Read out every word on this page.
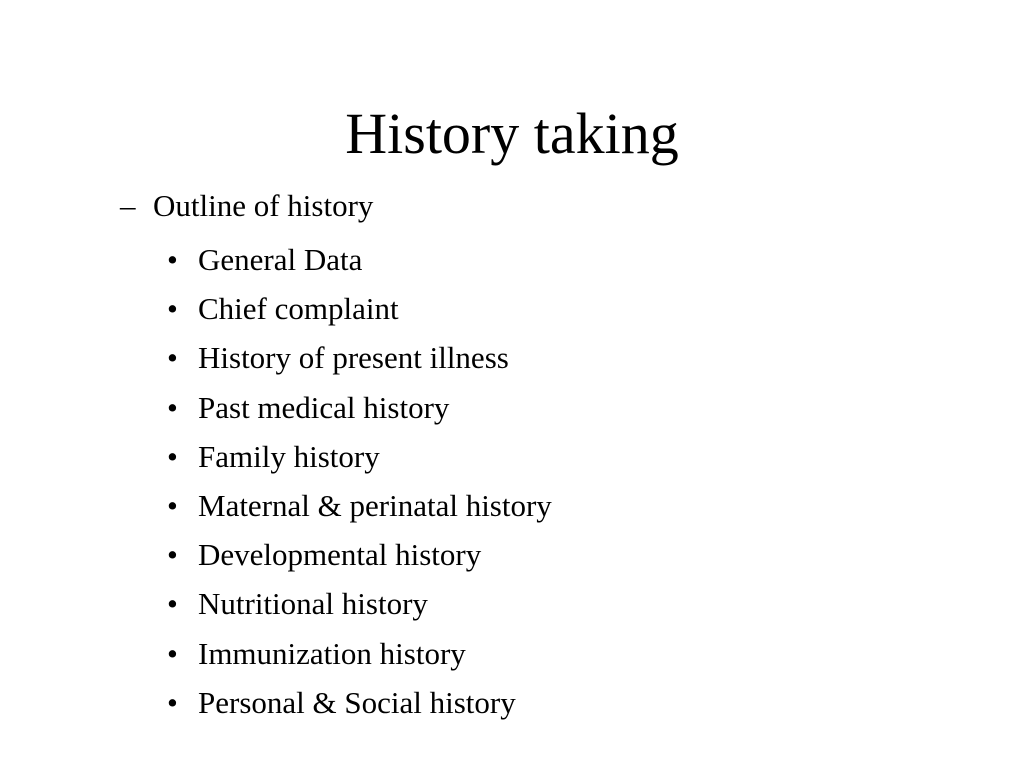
History taking
– Outline of history
• General Data
• Chief complaint
• History of present illness
• Past medical history
• Family history
• Maternal & perinatal history
• Developmental history
• Nutritional history
• Immunization history
• Personal & Social history
